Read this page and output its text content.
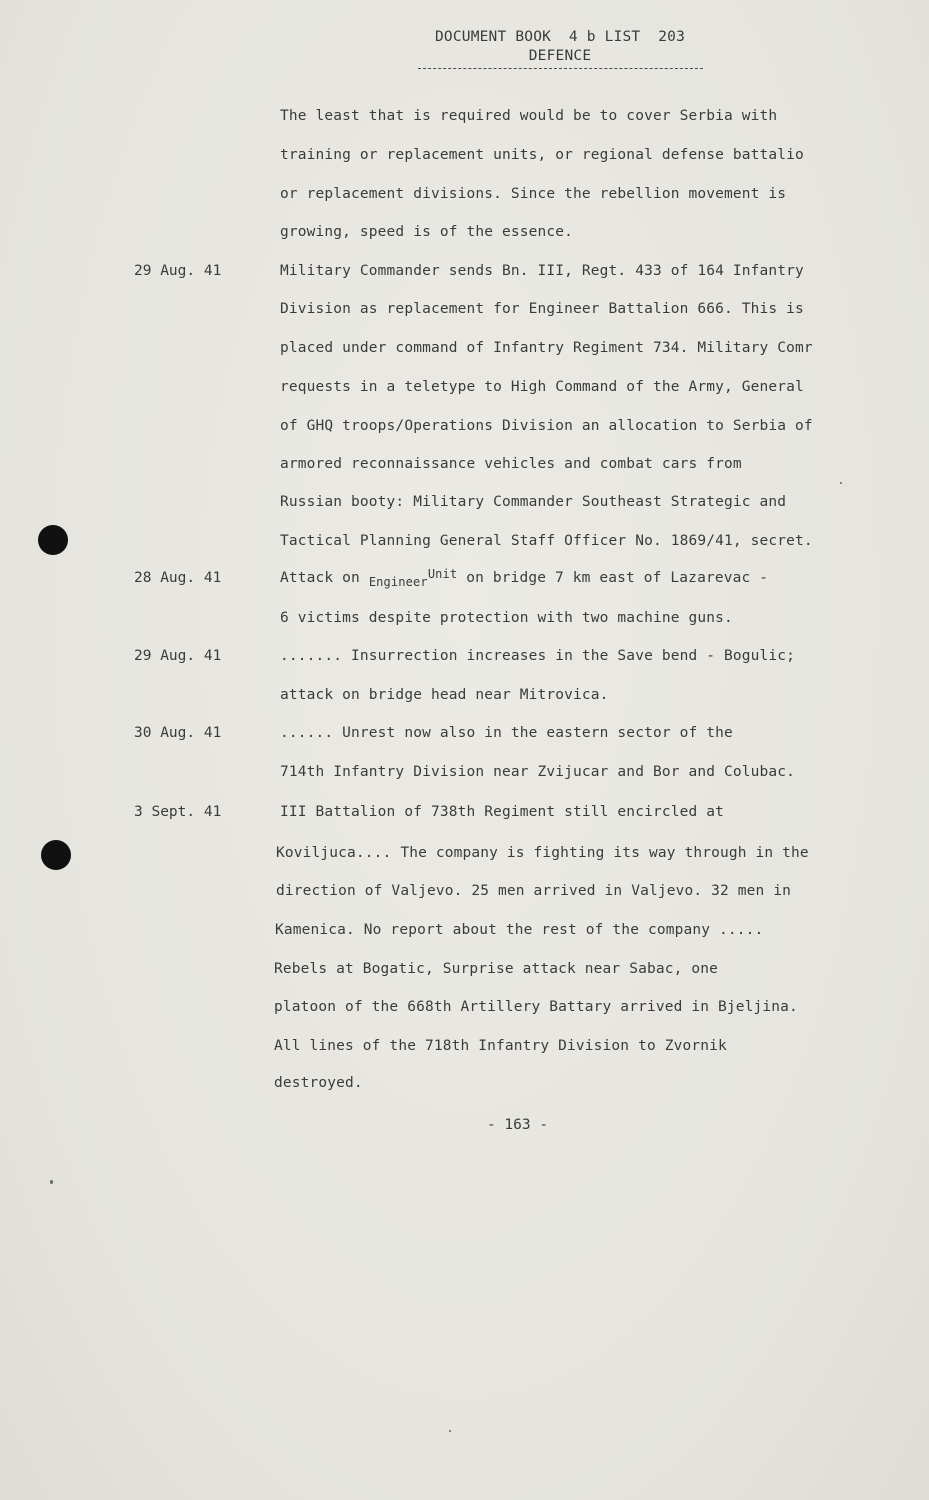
DOCUMENT BOOK  4 b LIST  203
DEFENCE
29 Aug. 41
28 Aug. 41
29 Aug. 41
30 Aug. 41
3 Sept. 41
The least that is required would be to cover Serbia with
training or replacement units, or regional defense battalio
or replacement divisions. Since the rebellion movement is
growing, speed is of the essence.
Military Commander sends Bn. III, Regt. 433 of 164 Infantry
Division as replacement for Engineer Battalion 666. This is
placed under command of Infantry Regiment 734. Military Comr
requests in a teletype to High Command of the Army, General
of GHQ troops/Operations Division an allocation to Serbia of
armored reconnaissance vehicles and combat cars from
Russian booty: Military Commander Southeast Strategic and
Tactical Planning General Staff Officer No. 1869/41, secret.
Attack on $_{Engineer}^{Unit}$ on bridge 7 km east of Lazarevac -
6 victims despite protection with two machine guns.
....... Insurrection increases in the Save bend - Bogulic;
attack on bridge head near Mitrovica.
...... Unrest now also in the eastern sector of the
714th Infantry Division near Zvijucar and Bor and Colubac.
III Battalion of 738th Regiment still encircled at
Koviljuca.... The company is fighting its way through in the
direction of Valjevo. 25 men arrived in Valjevo. 32 men in
Kamenica. No report about the rest of the company .....
Rebels at Bogatic, Surprise attack near Sabac, one
platoon of the 668th Artillery Battary arrived in Bjeljina.
All lines of the 718th Infantry Division to Zvornik
destroyed.
- 163 -
